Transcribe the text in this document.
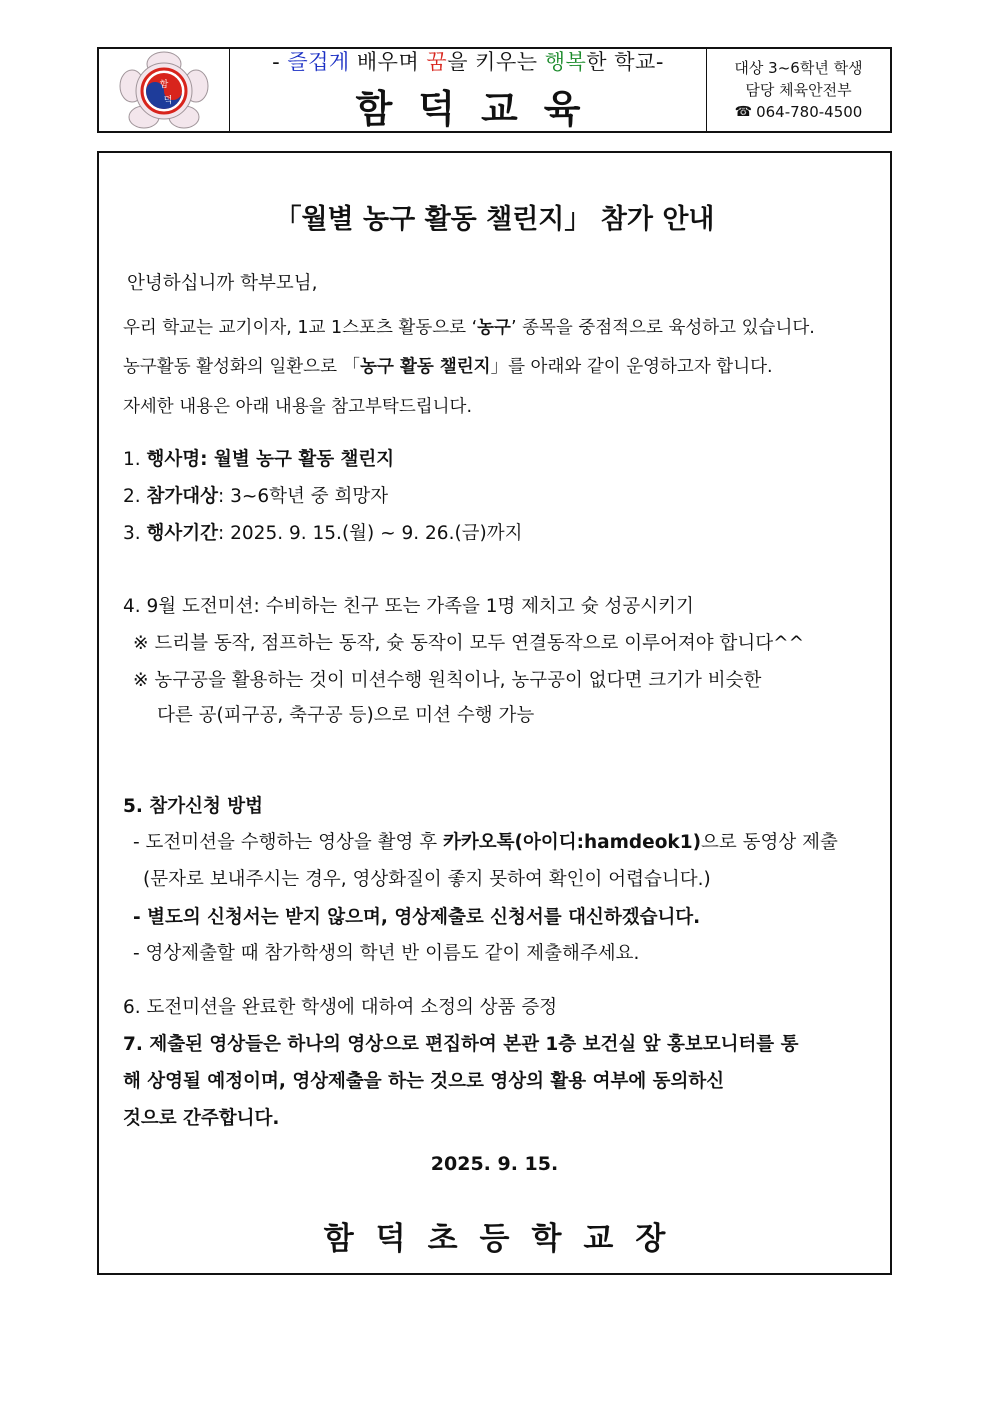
함
덕
- 즐겁게 배우며 꿈을 키우는 행복한 학교-
함덕교육
대상 3~6학년 학생
담당 체육안전부
☎ 064-780-4500
「월별 농구 활동 챌린지」 참가 안내
안녕하십니까 학부모님,
우리 학교는 교기이자, 1교 1스포츠 활동으로 ‘농구’ 종목을 중점적으로 육성하고 있습니다.
농구활동 활성화의 일환으로 「농구 활동 챌린지」를 아래와 같이 운영하고자 합니다.
자세한 내용은 아래 내용을 참고부탁드립니다.
1. 행사명: 월별 농구 활동 챌린지
2. 참가대상: 3~6학년 중 희망자
3. 행사기간: 2025. 9. 15.(월) ~ 9. 26.(금)까지
4. 9월 도전미션: 수비하는 친구 또는 가족을 1명 제치고 슛 성공시키기
※ 드리블 동작, 점프하는 동작, 슛 동작이 모두 연결동작으로 이루어져야 합니다^^
※ 농구공을 활용하는 것이 미션수행 원칙이나, 농구공이 없다면 크기가 비슷한
다른 공(피구공, 축구공 등)으로 미션 수행 가능
5. 참가신청 방법
- 도전미션을 수행하는 영상을 촬영 후 카카오톡(아이디:hamdeok1)으로 동영상 제출
(문자로 보내주시는 경우, 영상화질이 좋지 못하여 확인이 어렵습니다.)
- 별도의 신청서는 받지 않으며, 영상제출로 신청서를 대신하겠습니다.
- 영상제출할 때 참가학생의 학년 반 이름도 같이 제출해주세요.
6. 도전미션을 완료한 학생에 대하여 소정의 상품 증정
7. 제출된 영상들은 하나의 영상으로 편집하여 본관 1층 보건실 앞 홍보모니터를 통
해 상영될 예정이며, 영상제출을 하는 것으로 영상의 활용 여부에 동의하신
것으로 간주합니다.
2025. 9. 15.
함덕초등학교장
